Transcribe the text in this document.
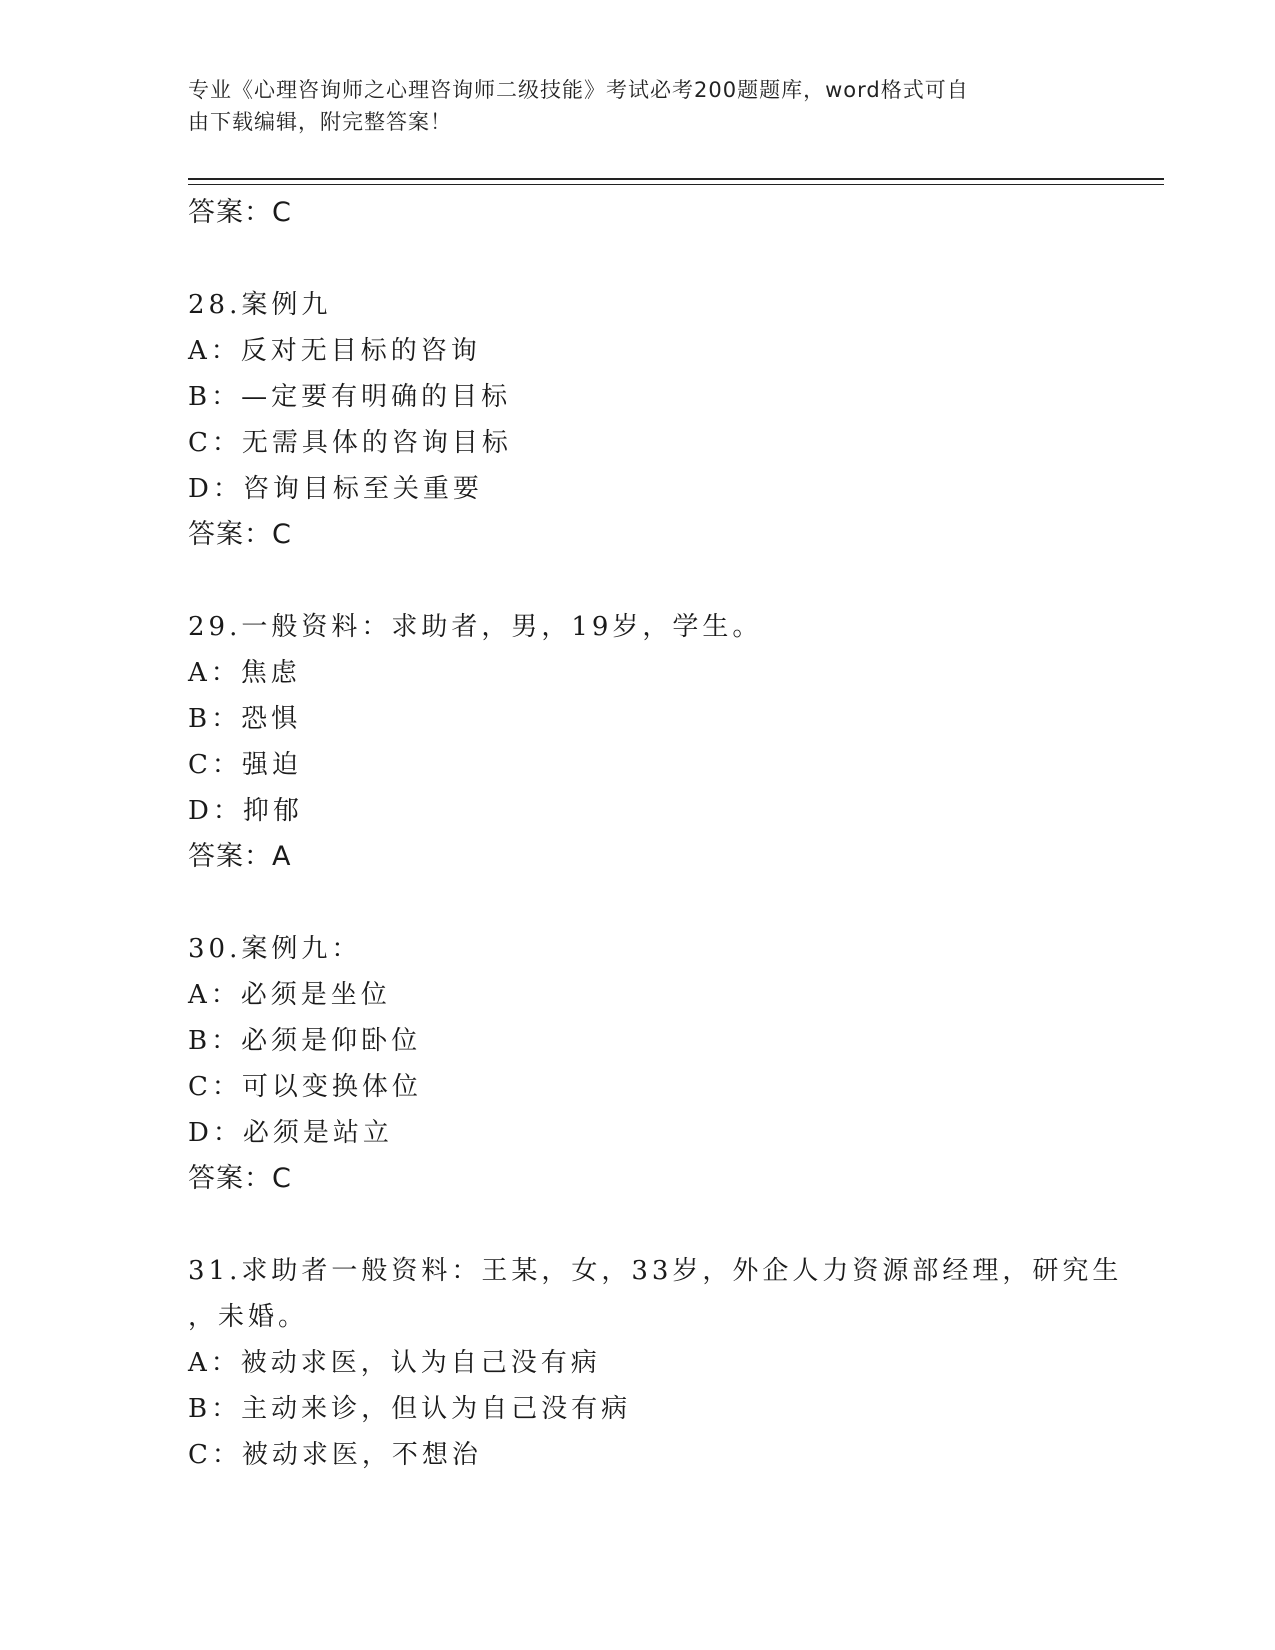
专业《心理咨询师之心理咨询师二级技能》考试必考200题题库，word格式可自
由下载编辑，附完整答案！
答案：C
28.案例九
A：反对无目标的咨询
B：—定要有明确的目标
C：无需具体的咨询目标
D：咨询目标至关重要
答案：C
29.一般资料：求助者，男，19岁，学生。
A：焦虑
B：恐惧
C：强迫
D：抑郁
答案：A
30.案例九：
A：必须是坐位
B：必须是仰卧位
C：可以变换体位
D：必须是站立
答案：C
31.求助者一般资料：王某，女，33岁，外企人力资源部经理，研究生
，未婚。
A：被动求医，认为自己没有病
B：主动来诊，但认为自己没有病
C：被动求医，不想治
